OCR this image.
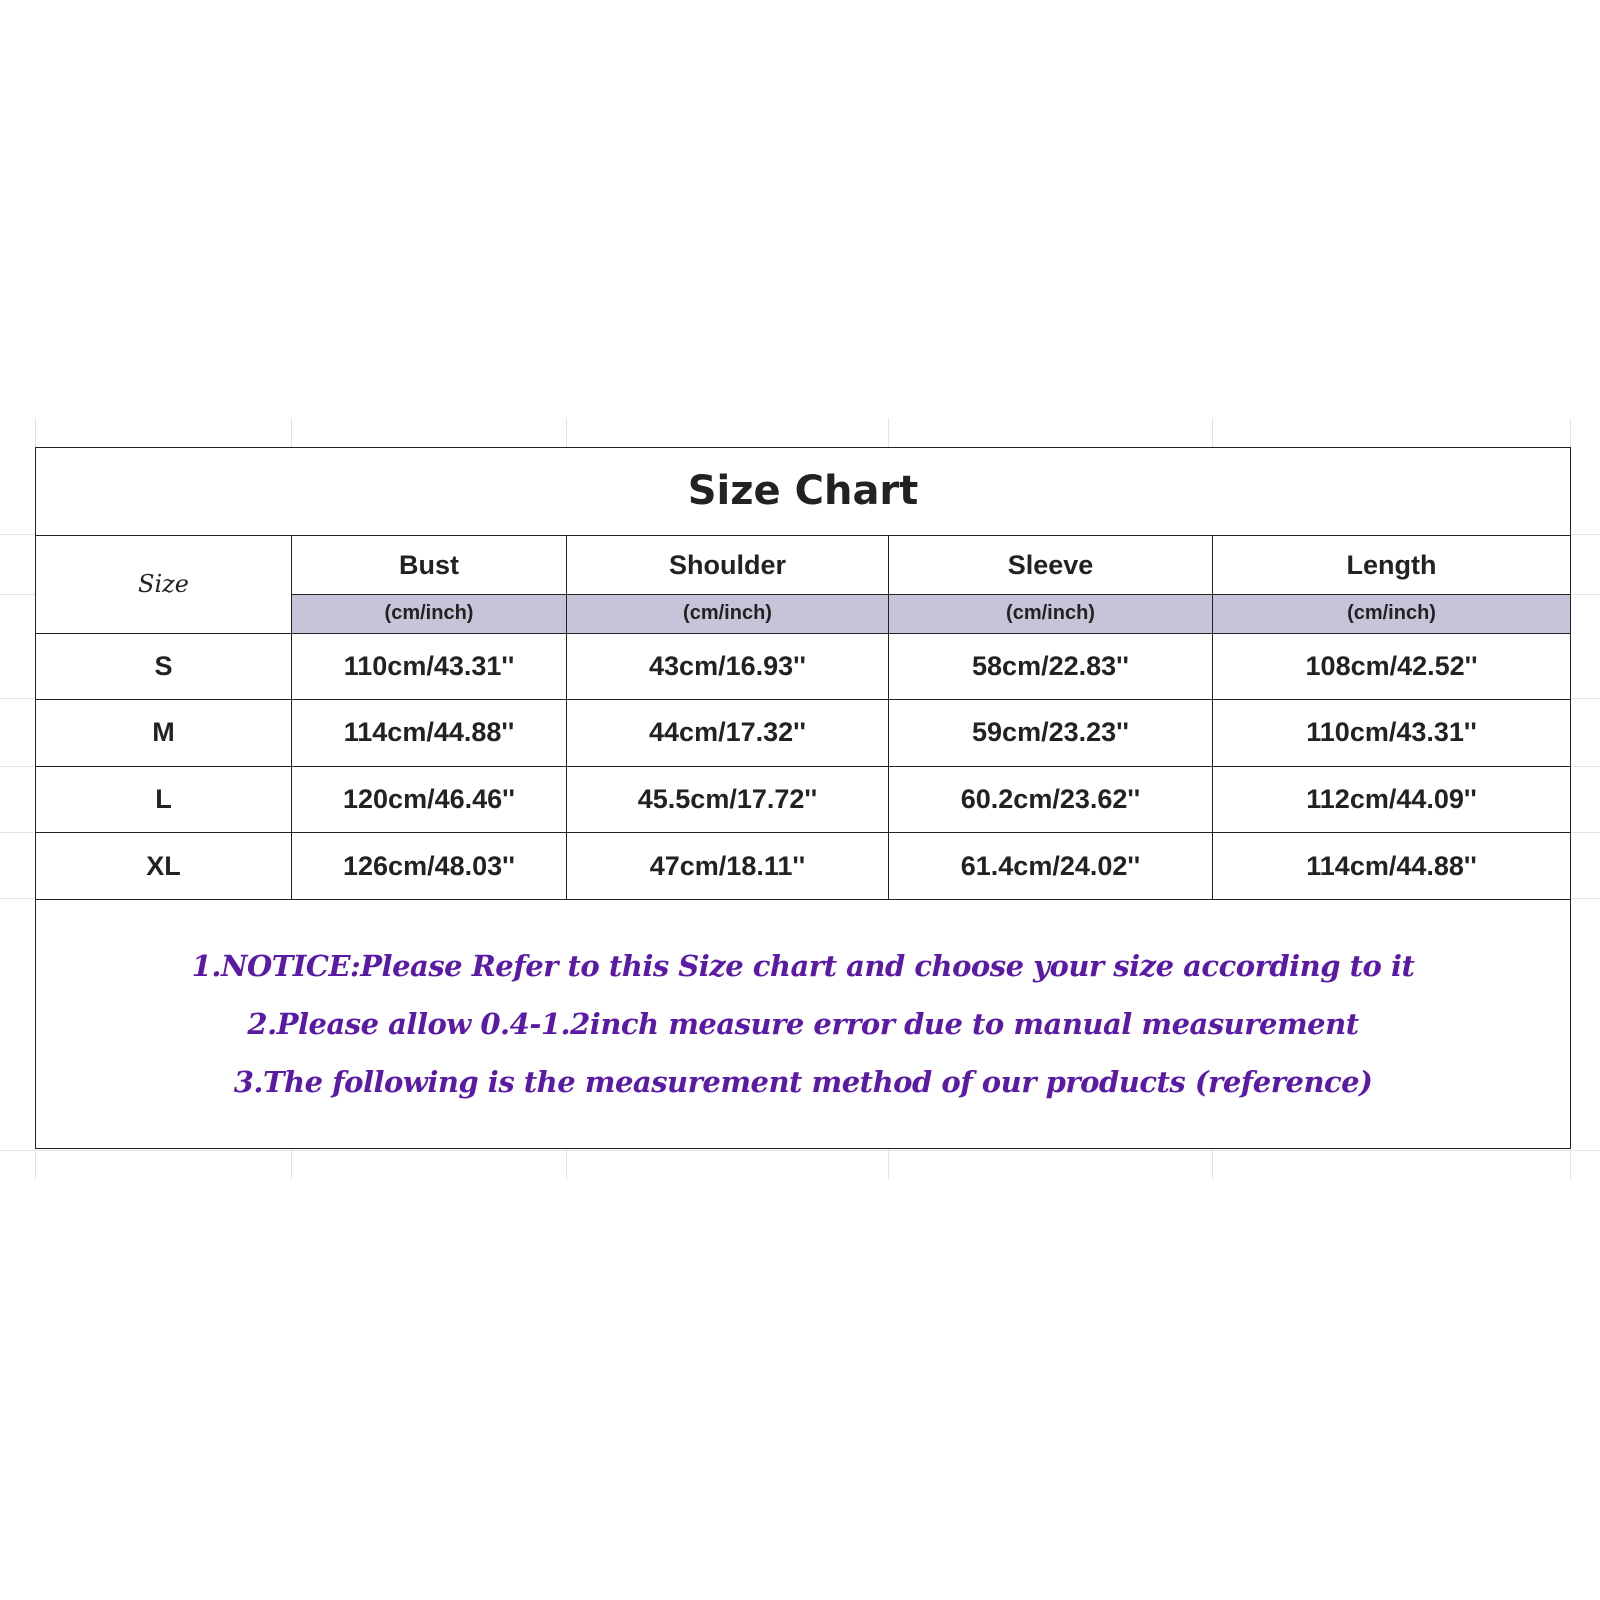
Size Chart				
Size	Bust	Shoulder	Sleeve	Length
	(cm/inch)	(cm/inch)	(cm/inch)	(cm/inch)
S	110cm/43.31''	43cm/16.93''	58cm/22.83''	108cm/42.52''
M	114cm/44.88''	44cm/17.32''	59cm/23.23''	110cm/43.31''
L	120cm/46.46''	45.5cm/17.72''	60.2cm/23.62''	112cm/44.09''
XL	126cm/48.03''	47cm/18.11''	61.4cm/24.02''	114cm/44.88''

1.NOTICE:Please Refer to this Size chart and choose your size according to it
2.Please allow 0.4-1.2inch measure error due to manual measurement
3.The following is the measurement method of our products (reference)				
